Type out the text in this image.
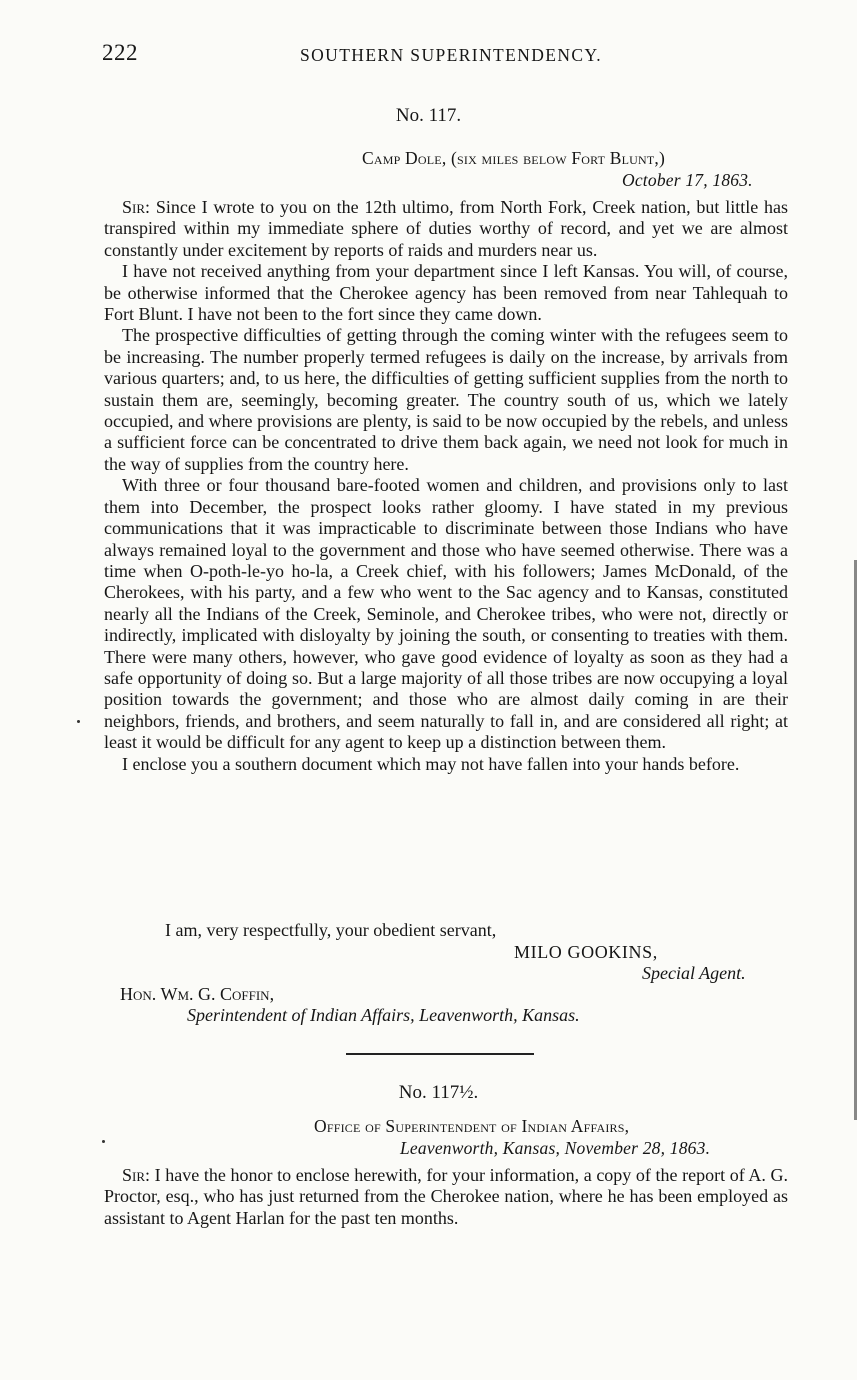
222	SOUTHERN SUPERINTENDENCY.
No. 117.
Camp Dole, (six miles below Fort Blunt,)
October 17, 1863.

Sir: Since I wrote to you on the 12th ultimo, from North Fork, Creek nation, but little has transpired within my immediate sphere of duties worthy of record, and yet we are almost constantly under excitement by reports of raids and murders near us.

I have not received anything from your department since I left Kansas. You will, of course, be otherwise informed that the Cherokee agency has been removed from near Tahlequah to Fort Blunt. I have not been to the fort since they came down.

The prospective difficulties of getting through the coming winter with the refugees seem to be increasing. The number properly termed refugees is daily on the increase, by arrivals from various quarters; and, to us here, the difficulties of getting sufficient supplies from the north to sustain them are, seemingly, becoming greater. The country south of us, which we lately occupied, and where provisions are plenty, is said to be now occupied by the rebels, and unless a sufficient force can be concentrated to drive them back again, we need not look for much in the way of supplies from the country here.

With three or four thousand bare-footed women and children, and provisions only to last them into December, the prospect looks rather gloomy. I have stated in my previous communications that it was impracticable to discriminate between those Indians who have always remained loyal to the government and those who have seemed otherwise. There was a time when O-poth-le-yo ho-la, a Creek chief, with his followers; James McDonald, of the Cherokees, with his party, and a few who went to the Sac agency and to Kansas, constituted nearly all the Indians of the Creek, Seminole, and Cherokee tribes, who were not, directly or indirectly, implicated with disloyalty by joining the south, or consenting to treaties with them. There were many others, however, who gave good evidence of loyalty as soon as they had a safe opportunity of doing so. But a large majority of all those tribes are now occupying a loyal position towards the government; and those who are almost daily coming in are their neighbors, friends, and brothers, and seem naturally to fall in, and are considered all right; at least it would be difficult for any agent to keep up a distinction between them.

I enclose you a southern document which may not have fallen into your hands before.

I am, very respectfully, your obedient servant,
MILO GOOKINS,
Special Agent.
Hon. Wm. G. Coffin,
Sperintendent of Indian Affairs, Leavenworth, Kansas.
No. 117½.
Office of Superintendent of Indian Affairs,
Leavenworth, Kansas, November 28, 1863.

Sir: I have the honor to enclose herewith, for your information, a copy of the report of A. G. Proctor, esq., who has just returned from the Cherokee nation, where he has been employed as assistant to Agent Harlan for the past ten months.
